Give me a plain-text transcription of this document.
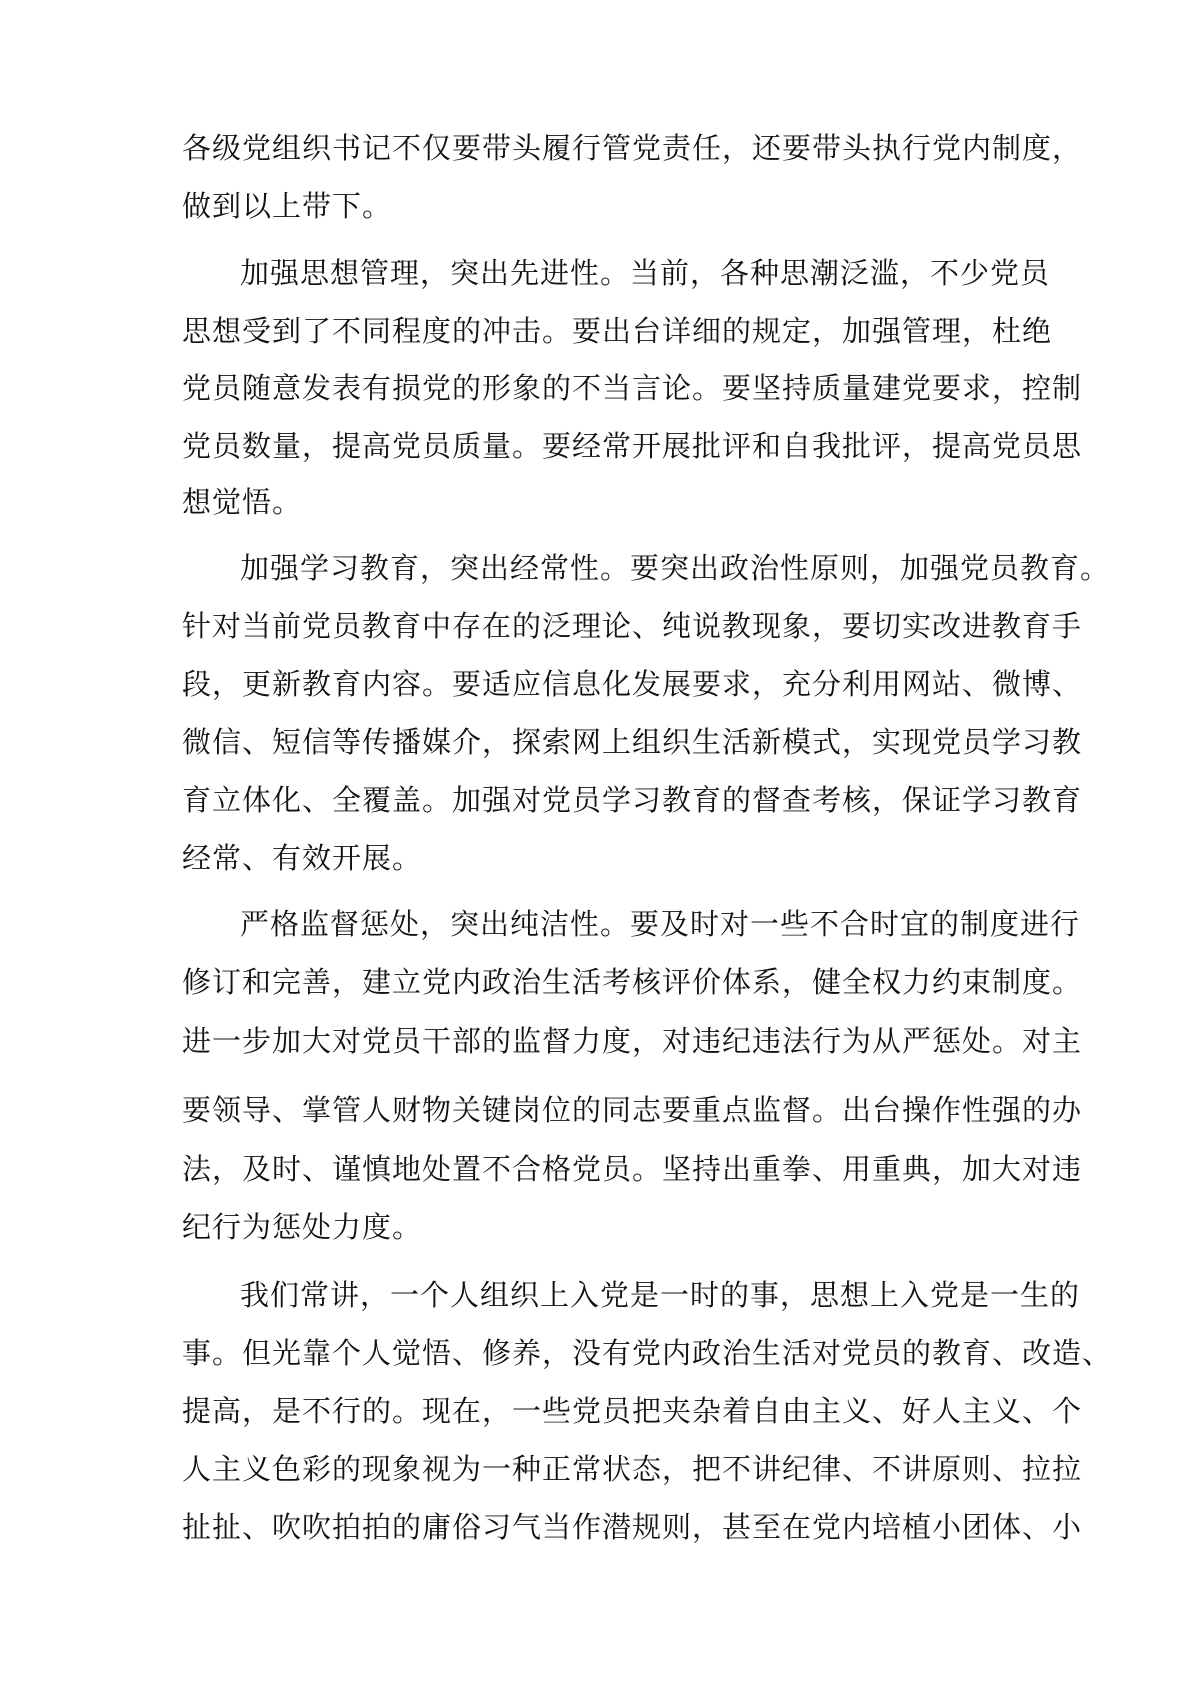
各级党组织书记不仅要带头履行管党责任，还要带头执行党内制度，
做到以上带下。
加强思想管理，突出先进性。当前，各种思潮泛滥，不少党员
思想受到了不同程度的冲击。要出台详细的规定，加强管理，杜绝
党员随意发表有损党的形象的不当言论。要坚持质量建党要求，控制
党员数量，提高党员质量。要经常开展批评和自我批评，提高党员思
想觉悟。
加强学习教育，突出经常性。要突出政治性原则，加强党员教育。
针对当前党员教育中存在的泛理论、纯说教现象，要切实改进教育手
段，更新教育内容。要适应信息化发展要求，充分利用网站、微博、
微信、短信等传播媒介，探索网上组织生活新模式，实现党员学习教
育立体化、全覆盖。加强对党员学习教育的督查考核，保证学习教育
经常、有效开展。
严格监督惩处，突出纯洁性。要及时对一些不合时宜的制度进行
修订和完善，建立党内政治生活考核评价体系，健全权力约束制度。
进一步加大对党员干部的监督力度，对违纪违法行为从严惩处。对主
要领导、掌管人财物关键岗位的同志要重点监督。出台操作性强的办
法，及时、谨慎地处置不合格党员。坚持出重拳、用重典，加大对违
纪行为惩处力度。
我们常讲，一个人组织上入党是一时的事，思想上入党是一生的
事。但光靠个人觉悟、修养，没有党内政治生活对党员的教育、改造、
提高，是不行的。现在，一些党员把夹杂着自由主义、好人主义、个
人主义色彩的现象视为一种正常状态，把不讲纪律、不讲原则、拉拉
扯扯、吹吹拍拍的庸俗习气当作潜规则，甚至在党内培植小团体、小
